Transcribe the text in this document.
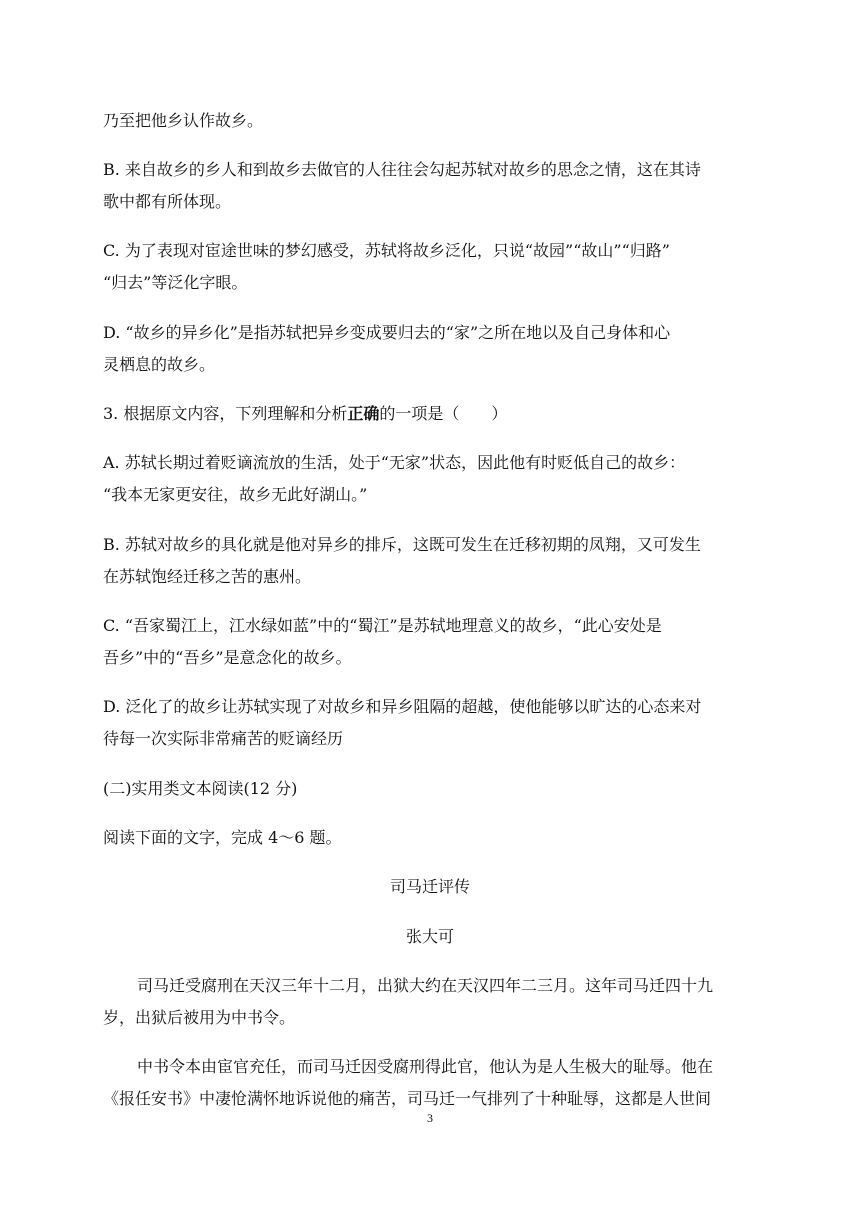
乃至把他乡认作故乡。
B. 来自故乡的乡人和到故乡去做官的人往往会勾起苏轼对故乡的思念之情，这在其诗
歌中都有所体现。
C. 为了表现对宦途世味的梦幻感受，苏轼将故乡泛化，只说“故园”“故山”“归路”
“归去”等泛化字眼。
D. “故乡的异乡化”是指苏轼把异乡变成要归去的“家”之所在地以及自己身体和心
灵栖息的故乡。
3. 根据原文内容，下列理解和分析正确的一项是（　　）
A. 苏轼长期过着贬谪流放的生活，处于“无家”状态，因此他有时贬低自己的故乡：
“我本无家更安往，故乡无此好湖山。”
B. 苏轼对故乡的具化就是他对异乡的排斥，这既可发生在迁移初期的凤翔，又可发生
在苏轼饱经迁移之苦的惠州。
C. “吾家蜀江上，江水绿如蓝”中的“蜀江”是苏轼地理意义的故乡，“此心安处是
吾乡”中的“吾乡”是意念化的故乡。
D. 泛化了的故乡让苏轼实现了对故乡和异乡阻隔的超越，使他能够以旷达的心态来对
待每一次实际非常痛苦的贬谪经历
(二)实用类文本阅读(12 分)
阅读下面的文字，完成 4～6 题。
司马迁评传
张大可
司马迁受腐刑在天汉三年十二月，出狱大约在天汉四年二三月。这年司马迁四十九
岁，出狱后被用为中书令。
中书令本由宦官充任，而司马迁因受腐刑得此官，他认为是人生极大的耻辱。他在
《报任安书》中凄怆满怀地诉说他的痛苦，司马迁一气排列了十种耻辱，这都是人世间
3
